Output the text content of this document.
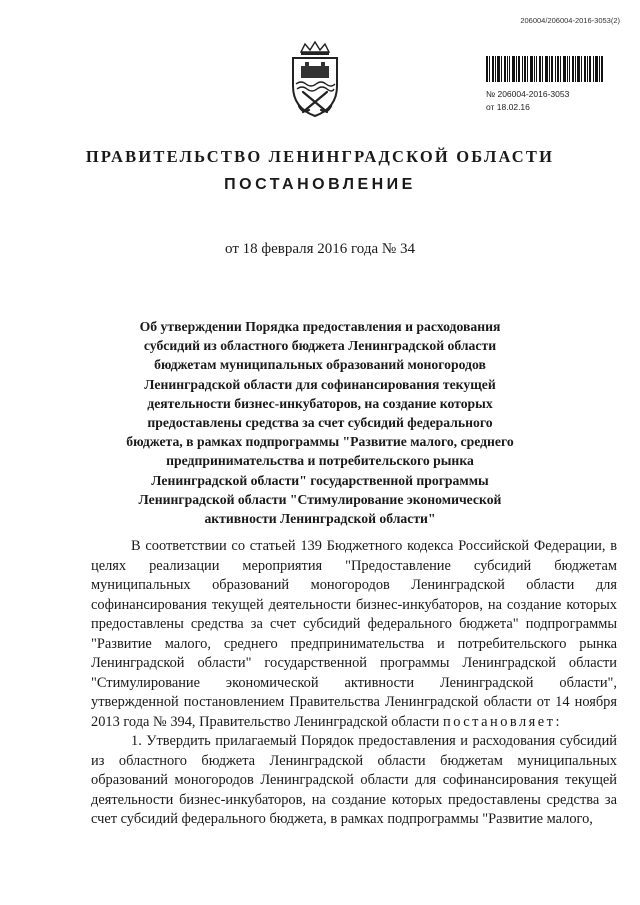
206004/206004-2016-3053(2)
№ 206004-2016-3053
от 18.02.16
ПРАВИТЕЛЬСТВО ЛЕНИНГРАДСКОЙ ОБЛАСТИ
ПОСТАНОВЛЕНИЕ
от 18 февраля 2016 года № 34
Об утверждении Порядка предоставления и расходования субсидий из областного бюджета Ленинградской области бюджетам муниципальных образований моногородов Ленинградской области для софинансирования текущей деятельности бизнес-инкубаторов, на создание которых предоставлены средства за счет субсидий федерального бюджета, в рамках подпрограммы "Развитие малого, среднего предпринимательства и потребительского рынка Ленинградской области" государственной программы Ленинградской области "Стимулирование экономической активности Ленинградской области"

В соответствии со статьей 139 Бюджетного кодекса Российской Федерации, в целях реализации мероприятия "Предоставление субсидий бюджетам муниципальных образований моногородов Ленинградской области для софинансирования текущей деятельности бизнес-инкубаторов, на создание которых предоставлены средства за счет субсидий федерального бюджета" подпрограммы "Развитие малого, среднего предпринимательства и потребительского рынка Ленинградской области" государственной программы Ленинградской области "Стимулирование экономической активности Ленинградской области", утвержденной постановлением Правительства Ленинградской области от 14 ноября 2013 года № 394, Правительство Ленинградской области постановляет:

1. Утвердить прилагаемый Порядок предоставления и расходования субсидий из областного бюджета Ленинградской области бюджетам муниципальных образований моногородов Ленинградской области для софинансирования текущей деятельности бизнес-инкубаторов, на создание которых предоставлены средства за счет субсидий федерального бюджета, в рамках подпрограммы "Развитие малого,
